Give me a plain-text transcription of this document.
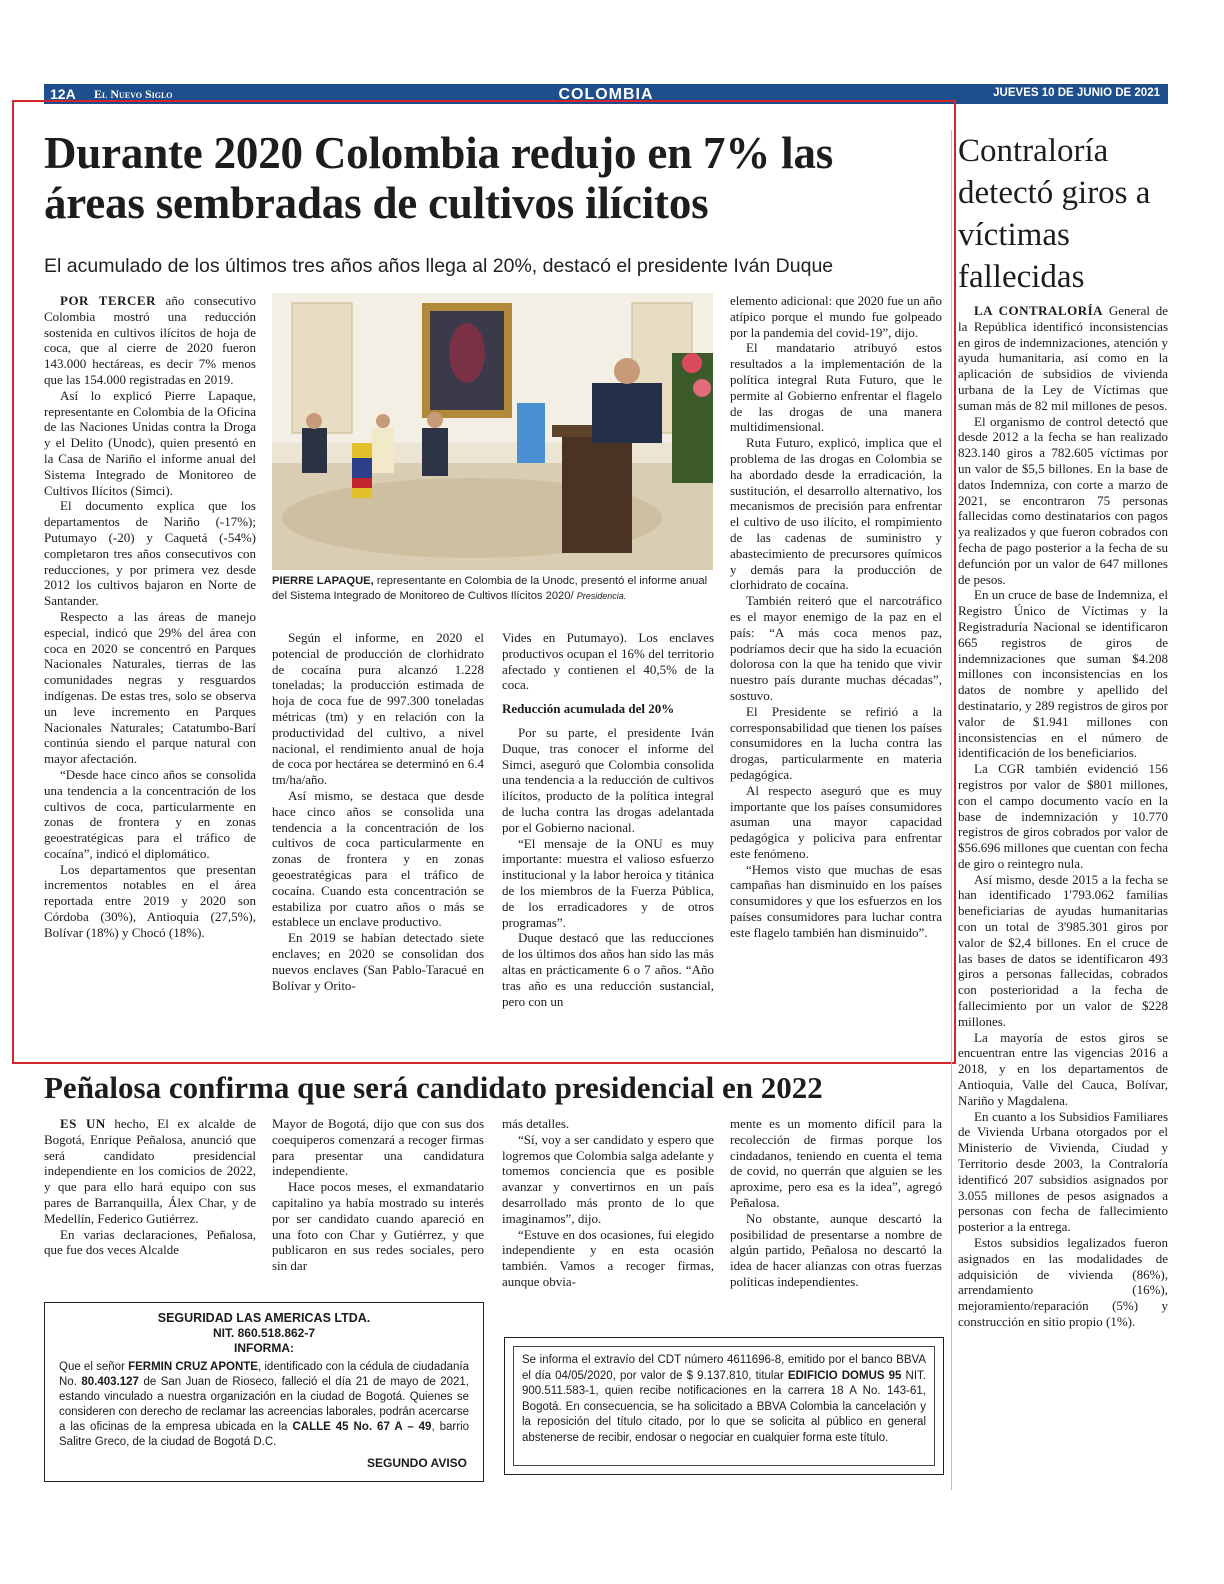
12A El Nuevo Siglo	COLOMBIA	JUEVES 10 DE JUNIO DE 2021
Durante 2020 Colombia redujo en 7% las áreas sembradas de cultivos ilícitos
El acumulado de los últimos tres años años llega al 20%, destacó el presidente Iván Duque

POR TERCER año consecutivo Colombia mostró una reducción sostenida en cultivos ilícitos de hoja de coca, que al cierre de 2020 fueron 143.000 hectáreas, es decir 7% menos que las 154.000 registradas en 2019.

Así lo explicó Pierre Lapaque, representante en Colombia de la Oficina de las Naciones Unidas contra la Droga y el Delito (Unodc), quien presentó en la Casa de Nariño el informe anual del Sistema Integrado de Monitoreo de Cultivos Ilícitos (Simci).

El documento explica que los departamentos de Nariño (-17%); Putumayo (-20) y Caquetá (-54%) completaron tres años consecutivos con reducciones, y por primera vez desde 2012 los cultivos bajaron en Norte de Santander.

Respecto a las áreas de manejo especial, indicó que 29% del área con coca en 2020 se concentró en Parques Nacionales Naturales, tierras de las comunidades negras y resguardos indígenas. De estas tres, solo se observa un leve incremento en Parques Nacionales Naturales; Catatumbo-Barí continúa siendo el parque natural con mayor afectación.

“Desde hace cinco años se consolida una tendencia a la concentración de los cultivos de coca, particularmente en zonas de frontera y en zonas geoestratégicas para el tráfico de cocaína”, indicó el diplomático.

Los departamentos que presentan incrementos notables en el área reportada entre 2019 y 2020 son Córdoba (30%), Antioquia (27,5%), Bolívar (18%) y Chocó (18%).

PIERRE LAPAQUE, representante en Colombia de la Unodc, presentó el informe anual del Sistema Integrado de Monitoreo de Cultivos Ilícitos 2020/ Presidencia.

Según el informe, en 2020 el potencial de producción de clorhidrato de cocaína pura alcanzó 1.228 toneladas; la producción estimada de hoja de coca fue de 997.300 toneladas métricas (tm) y en relación con la productividad del cultivo, a nivel nacional, el rendimiento anual de hoja de coca por hectárea se determinó en 6.4 tm/ha/año.

Así mismo, se destaca que desde hace cinco años se consolida una tendencia a la concentración de los cultivos de coca particularmente en zonas de frontera y en zonas geoestratégicas para el tráfico de cocaína. Cuando esta concentración se estabiliza por cuatro años o más se establece un enclave productivo.

En 2019 se habían detectado siete enclaves; en 2020 se consolidan dos nuevos enclaves (San Pablo-Taracué en Bolívar y Orito-

Vides en Putumayo). Los enclaves productivos ocupan el 16% del territorio afectado y contienen el 40,5% de la coca.

Reducción acumulada del 20%

Por su parte, el presidente Iván Duque, tras conocer el informe del Simci, aseguró que Colombia consolida una tendencia a la reducción de cultivos ilícitos, producto de la política integral de lucha contra las drogas adelantada por el Gobierno nacional.

“El mensaje de la ONU es muy importante: muestra el valioso esfuerzo institucional y la labor heroica y titánica de los miembros de la Fuerza Pública, de los erradicadores y de otros programas”.

Duque destacó que las reducciones de los últimos dos años han sido las más altas en prácticamente 6 o 7 años. “Año tras año es una reducción sustancial, pero con un

elemento adicional: que 2020 fue un año atípico porque el mundo fue golpeado por la pandemia del covid-19”, dijo.

El mandatario atribuyó estos resultados a la implementación de la política integral Ruta Futuro, que le permite al Gobierno enfrentar el flagelo de las drogas de una manera multidimensional.

Ruta Futuro, explicó, implica que el problema de las drogas en Colombia se ha abordado desde la erradicación, la sustitución, el desarrollo alternativo, los mecanismos de precisión para enfrentar el cultivo de uso ilícito, el rompimiento de las cadenas de suministro y abastecimiento de precursores químicos y demás para la producción de clorhidrato de cocaína.

También reiteró que el narcotráfico es el mayor enemigo de la paz en el país: “A más coca menos paz, podríamos decir que ha sido la ecuación dolorosa con la que ha tenido que vivir nuestro país durante muchas décadas”, sostuvo.

El Presidente se refirió a la corresponsabilidad que tienen los países consumidores en la lucha contra las drogas, particularmente en materia pedagógica.

Al respecto aseguró que es muy importante que los países consumidores asuman una mayor capacidad pedagógica y policiva para enfrentar este fenómeno.

“Hemos visto que muchas de esas campañas han disminuido en los países consumidores y que los esfuerzos en los países consumidores para luchar contra este flagelo también han disminuido”.

Contraloría detectó giros a víctimas fallecidas

LA CONTRALORÍA General de la República identificó inconsistencias en giros de indemnizaciones, atención y ayuda humanitaria, así como en la aplicación de subsidios de vivienda urbana de la Ley de Víctimas que suman más de 82 mil millones de pesos.

El organismo de control detectó que desde 2012 a la fecha se han realizado 823.140 giros a 782.605 víctimas por un valor de $5,5 billones. En la base de datos Indemniza, con corte a marzo de 2021, se encontraron 75 personas fallecidas como destinatarios con pagos ya realizados y que fueron cobrados con fecha de pago posterior a la fecha de su defunción por un valor de 647 millones de pesos.

En un cruce de base de Indemniza, el Registro Único de Víctimas y la Registraduría Nacional se identificaron 665 registros de giros de indemnizaciones que suman $4.208 millones con inconsistencias en los datos de nombre y apellido del destinatario, y 289 registros de giros por valor de $1.941 millones con inconsistencias en el número de identificación de los beneficiarios.

La CGR también evidenció 156 registros por valor de $801 millones, con el campo documento vacío en la base de indemnización y 10.770 registros de giros cobrados por valor de $56.696 millones que cuentan con fecha de giro o reintegro nula.

Así mismo, desde 2015 a la fecha se han identificado 1'793.062 familias beneficiarias de ayudas humanitarias con un total de 3'985.301 giros por valor de $2,4 billones. En el cruce de las bases de datos se identificaron 493 giros a personas fallecidas, cobrados con posterioridad a la fecha de fallecimiento por un valor de $228 millones.

La mayoría de estos giros se encuentran entre las vigencias 2016 a 2018, y en los departamentos de Antioquia, Valle del Cauca, Bolívar, Nariño y Magdalena.

En cuanto a los Subsidios Familiares de Vivienda Urbana otorgados por el Ministerio de Vivienda, Ciudad y Territorio desde 2003, la Contraloría identificó 207 subsidios asignados por 3.055 millones de pesos asignados a personas con fecha de fallecimiento posterior a la entrega.

Estos subsidios legalizados fueron asignados en las modalidades de adquisición de vivienda (86%), arrendamiento (16%), mejoramiento/reparación (5%) y construcción en sitio propio (1%).

Peñalosa confirma que será candidato presidencial en 2022

ES UN hecho, El ex alcalde de Bogotá, Enrique Peñalosa, anunció que será candidato presidencial independiente en los comicios de 2022, y que para ello hará equipo con sus pares de Barranquilla, Álex Char, y de Medellín, Federico Gutiérrez.

En varias declaraciones, Peñalosa, que fue dos veces Alcalde

Mayor de Bogotá, dijo que con sus dos coequiperos comenzará a recoger firmas para presentar una candidatura independiente.

Hace pocos meses, el exmandatario capitalino ya había mostrado su interés por ser candidato cuando apareció en una foto con Char y Gutiérrez, y que publicaron en sus redes sociales, pero sin dar

más detalles.

“Sí, voy a ser candidato y espero que logremos que Colombia salga adelante y tomemos conciencia que es posible avanzar y convertirnos en un país desarrollado más pronto de lo que imaginamos”, dijo.

“Estuve en dos ocasiones, fui elegido independiente y en esta ocasión también. Vamos a recoger firmas, aunque obvia-

mente es un momento difícil para la recolección de firmas porque los cindadanos, teniendo en cuenta el tema de covid, no querrán que alguien se les aproxime, pero esa es la idea”, agregó Peñalosa.

No obstante, aunque descartó la posibilidad de presentarse a nombre de algún partido, Peñalosa no descartó la idea de hacer alianzas con otras fuerzas políticas independientes.

SEGURIDAD LAS AMERICAS LTDA.
NIT. 860.518.862-7
INFORMA:
Que el señor FERMIN CRUZ APONTE, identificado con la cédula de ciudadanía No. 80.403.127 de San Juan de Rioseco, falleció el día 21 de mayo de 2021, estando vinculado a nuestra organización en la ciudad de Bogotá. Quienes se consideren con derecho de reclamar las acreencias laborales, podrán acercarse a las oficinas de la empresa ubicada en la CALLE 45 No. 67 A – 49, barrio Salitre Greco, de la ciudad de Bogotá D.C.
SEGUNDO AVISO
Se informa el extravío del CDT número 4611696-8, emitido por el banco BBVA el día 04/05/2020, por valor de $ 9.137.810, titular EDIFICIO DOMUS 95 NIT. 900.511.583-1, quien recibe notificaciones en la carrera 18 A No. 143-61, Bogotá. En consecuencia, se ha solicitado a BBVA Colombia la cancelación y la reposición del título citado, por lo que se solicita al público en general abstenerse de recibir, endosar o negociar en cualquier forma este título.
